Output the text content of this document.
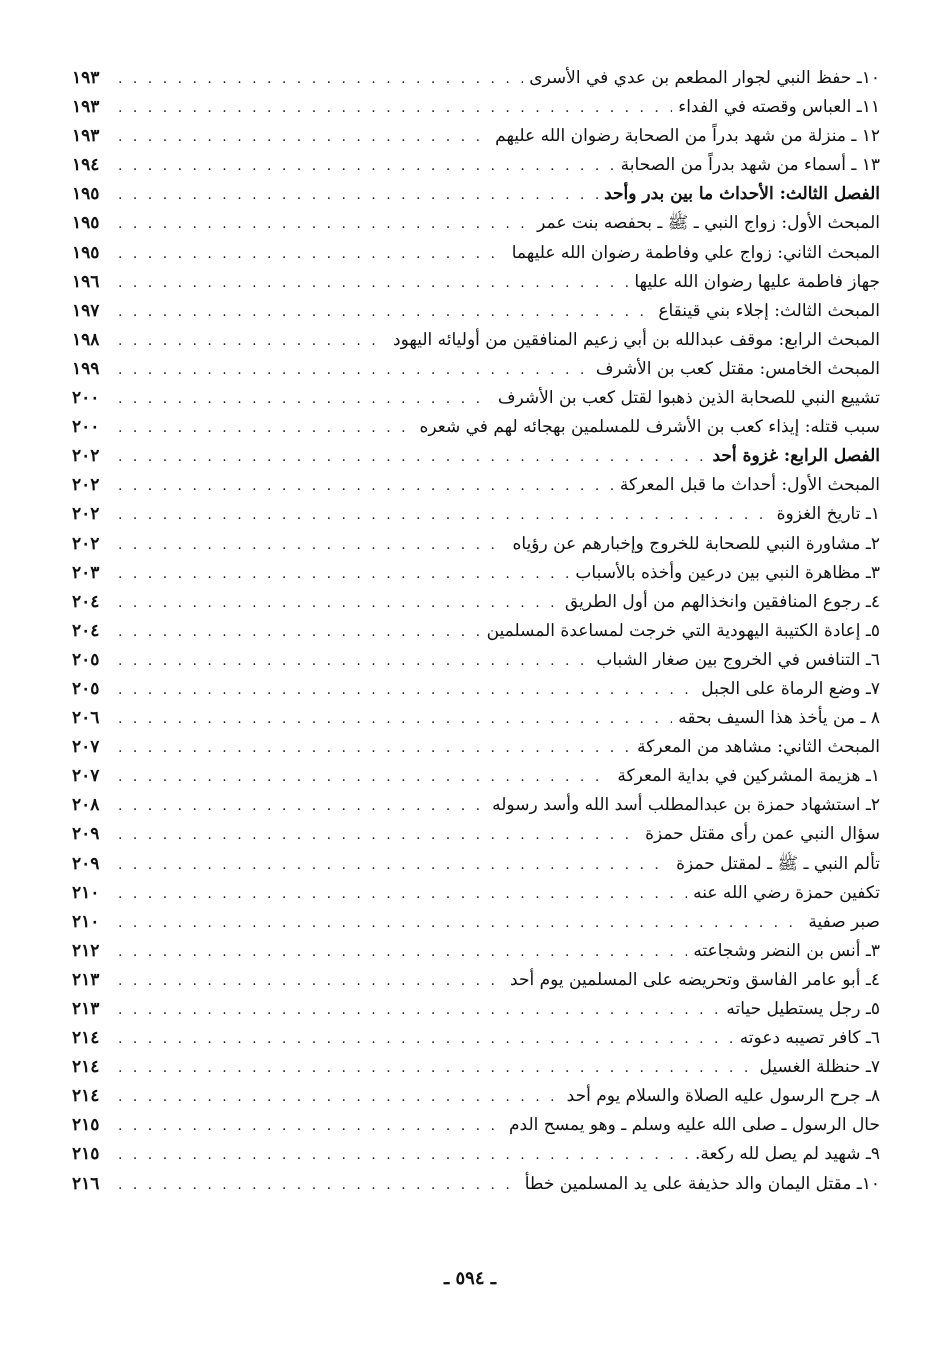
١٠ـ حفظ النبي لجوار المطعم بن عدي في الأسرى
. . .
١٩٣
١١ـ العباس وقصته في الفداء
. . .
١٩٣
١٢ ـ منزلة من شهد بدراً من الصحابة رضوان الله عليهم
. . .
١٩٣
١٣ ـ أسماء من شهد بدراً من الصحابة
. . .
١٩٤
الفصل الثالث: الأحداث ما بين بدر وأحد
. . .
١٩٥
المبحث الأول: زواج النبي ـ ﷺ ـ بحفصه بنت عمر
. . .
١٩٥
المبحث الثاني: زواج علي وفاطمة رضوان الله عليهما
. . .
١٩٥
جهاز فاطمة عليها رضوان الله عليها
. . .
١٩٦
المبحث الثالث: إجلاء بني قينقاع
. . .
١٩٧
المبحث الرابع: موقف عبدالله بن أبي زعيم المنافقين من أوليائه اليهود
. . .
١٩٨
المبحث الخامس: مقتل كعب بن الأشرف
. . .
١٩٩
تشييع النبي للصحابة الذين ذهبوا لقتل كعب بن الأشرف
. . .
٢٠٠
سبب قتله: إيذاء كعب بن الأشرف للمسلمين بهجائه لهم في شعره
. . .
٢٠٠
الفصل الرابع: غزوة أحد
. . .
٢٠٢
المبحث الأول: أحداث ما قبل المعركة
. . .
٢٠٢
١ـ تاريخ الغزوة
. . .
٢٠٢
٢ـ مشاورة النبي للصحابة للخروج وإخبارهم عن رؤياه
. . .
٢٠٢
٣ـ مظاهرة النبي بين درعين وأخذه بالأسباب
. . .
٢٠٣
٤ـ رجوع المنافقين وانخذالهم من أول الطريق
. . .
٢٠٤
٥ـ إعادة الكتيبة اليهودية التي خرجت لمساعدة المسلمين
. . .
٢٠٤
٦ـ التنافس في الخروج بين صغار الشباب
. . .
٢٠٥
٧ـ وضع الرماة على الجبل
. . .
٢٠٥
٨ ـ من يأخذ هذا السيف بحقه
. . .
٢٠٦
المبحث الثاني: مشاهد من المعركة
. . .
٢٠٧
١ـ هزيمة المشركين في بداية المعركة
. . .
٢٠٧
٢ـ استشهاد حمزة بن عبدالمطلب أسد الله وأسد رسوله
. . .
٢٠٨
سؤال النبي عمن رأى مقتل حمزة
. . .
٢٠٩
تألم النبي ـ ﷺ ـ لمقتل حمزة
. . .
٢٠٩
تكفين حمزة رضي الله عنه
. . .
٢١٠
صبر صفية
. . .
٢١٠
٣ـ أنس بن النضر وشجاعته
. . .
٢١٢
٤ـ أبو عامر الفاسق وتحريضه على المسلمين يوم أحد
. . .
٢١٣
٥ـ رجل يستطيل حياته
. . .
٢١٣
٦ـ كافر تصيبه دعوته
. . .
٢١٤
٧ـ حنظلة الغسيل
. . .
٢١٤
٨ـ جرح الرسول عليه الصلاة والسلام يوم أحد
. . .
٢١٤
حال الرسول ـ صلى الله عليه وسلم ـ وهو يمسح الدم
. . .
٢١٥
٩ـ شهيد لم يصل لله ركعة.
. . .
٢١٥
١٠ـ مقتل اليمان والد حذيفة على يد المسلمين خطأ
. . .
٢١٦
ـ ٥٩٤ ـ
